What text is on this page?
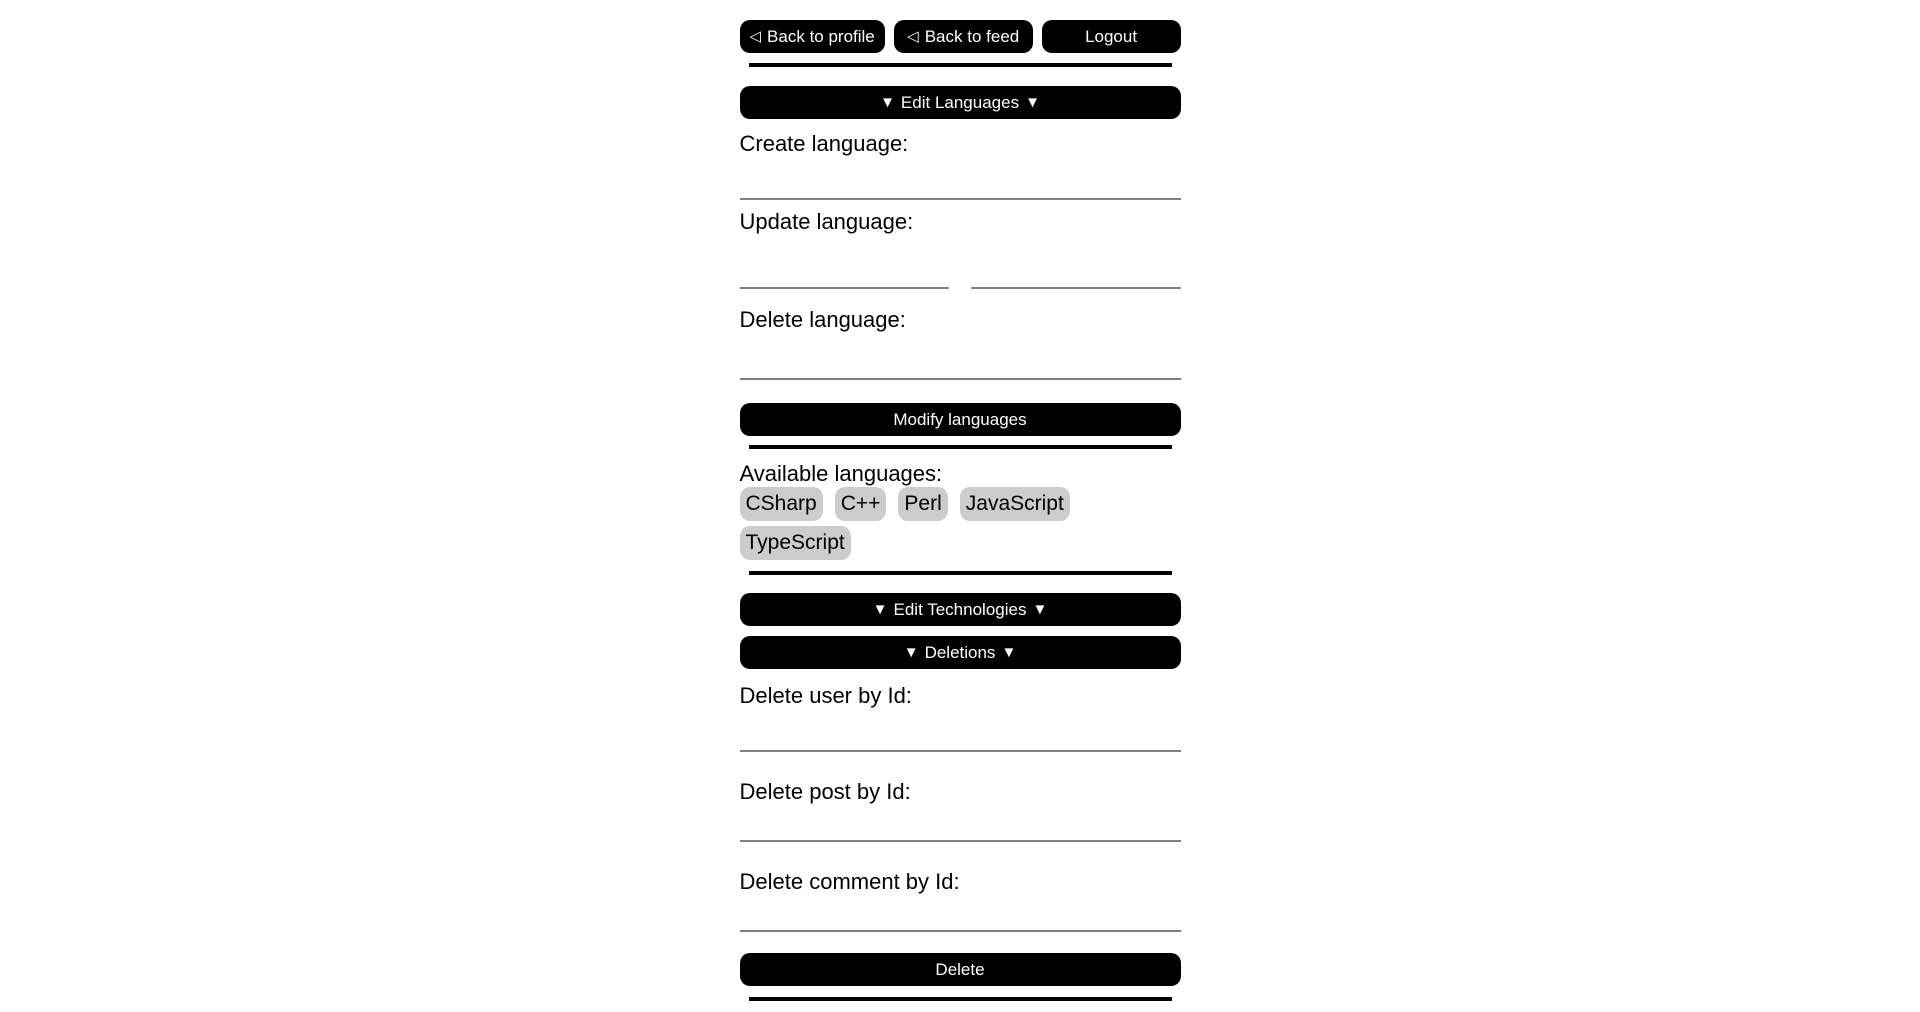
◁ Back to profile ◁ Back to feed	Logout
▼ Edit Languages ▼
Create language:
Update language:
Delete language:
Modify languages
Available languages:
CSharp C++ Perl JavaScript
TypeScript
▼ Edit Technologies ▼
▼ Deletions ▼
Delete user by Id:
Delete post by Id:
Delete comment by Id:
Delete
